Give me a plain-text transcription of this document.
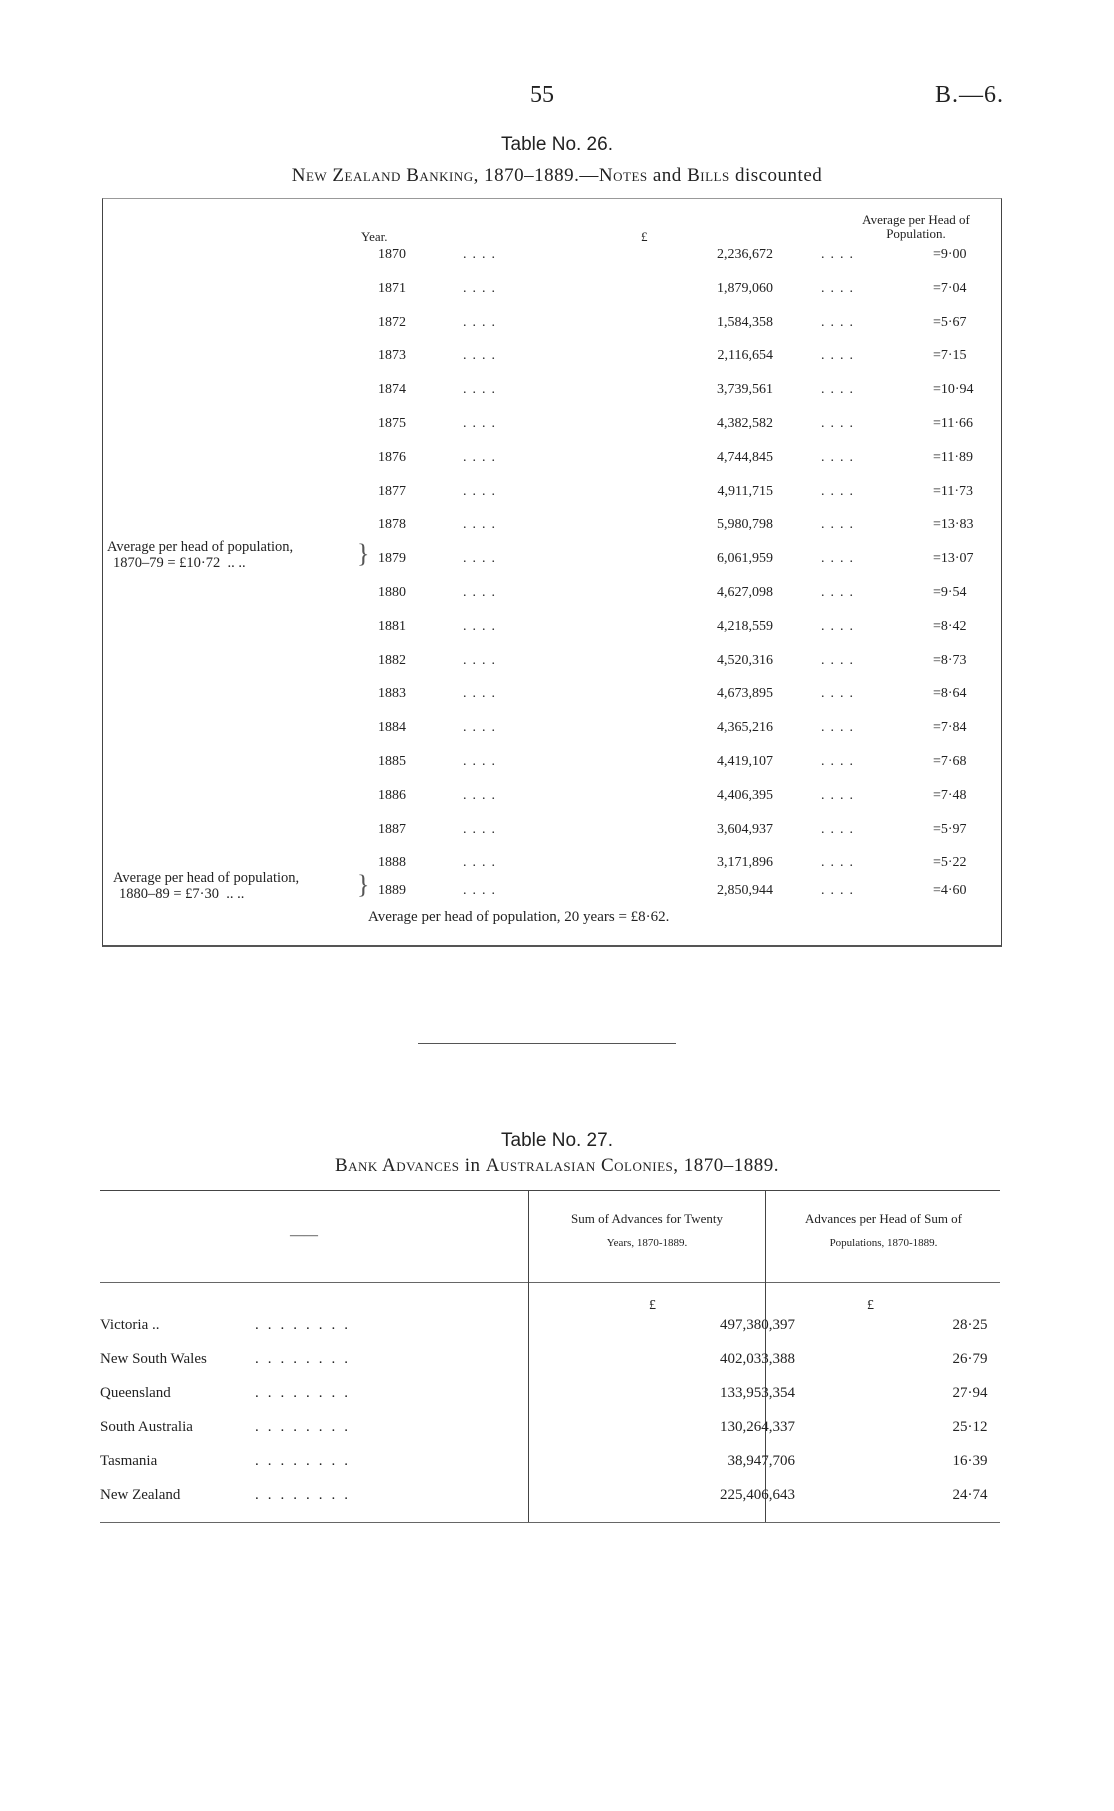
55	B.—6.
Table No. 26.
New Zealand Banking, 1870–1889.—Notes and Bills discounted
Year.	£
Average per Head of
Population.
1870	....	2,236,672	....	=9·00
1871	....	1,879,060	....	=7·04
1872	....	1,584,358	....	=5·67
1873	....	2,116,654	....	=7·15
1874	....	3,739,561	....	=10·94
1875	....	4,382,582	....	=11·66
1876	....	4,744,845	....	=11·89
1877	....	4,911,715	....	=11·73
1878	....	5,980,798	....	=13·83
1879	....	6,061,959	....	=13·07
1880	....	4,627,098	....	=9·54
1881	....	4,218,559	....	=8·42
1882	....	4,520,316	....	=8·73
1883	....	4,673,895	....	=8·64
1884	....	4,365,216	....	=7·84
1885	....	4,419,107	....	=7·68
1886	....	4,406,395	....	=7·48
1887	....	3,604,937	....	=5·97
1888	....	3,171,896	....	=5·22
1889	....	2,850,944	....	=4·60
Average per head of population,
1870–79 = £10·72 .. ..	}
Average per head of population,
1880–89 = £7·30 .. ..	}
Average per head of population, 20 years = £8·62.
Table No. 27.
Bank Advances in Australasian Colonies, 1870–1889.
——
Sum of Advances for Twenty
Years, 1870-1889.
Advances per Head of Sum of
Populations, 1870-1889.
£	£
Victoria ..	........	497,380,397	28·25
New South Wales	........	402,033,388	26·79
Queensland	........	133,953,354	27·94
South Australia	........	130,264,337	25·12
Tasmania	........	38,947,706	16·39
New Zealand	........	225,406,643	24·74
